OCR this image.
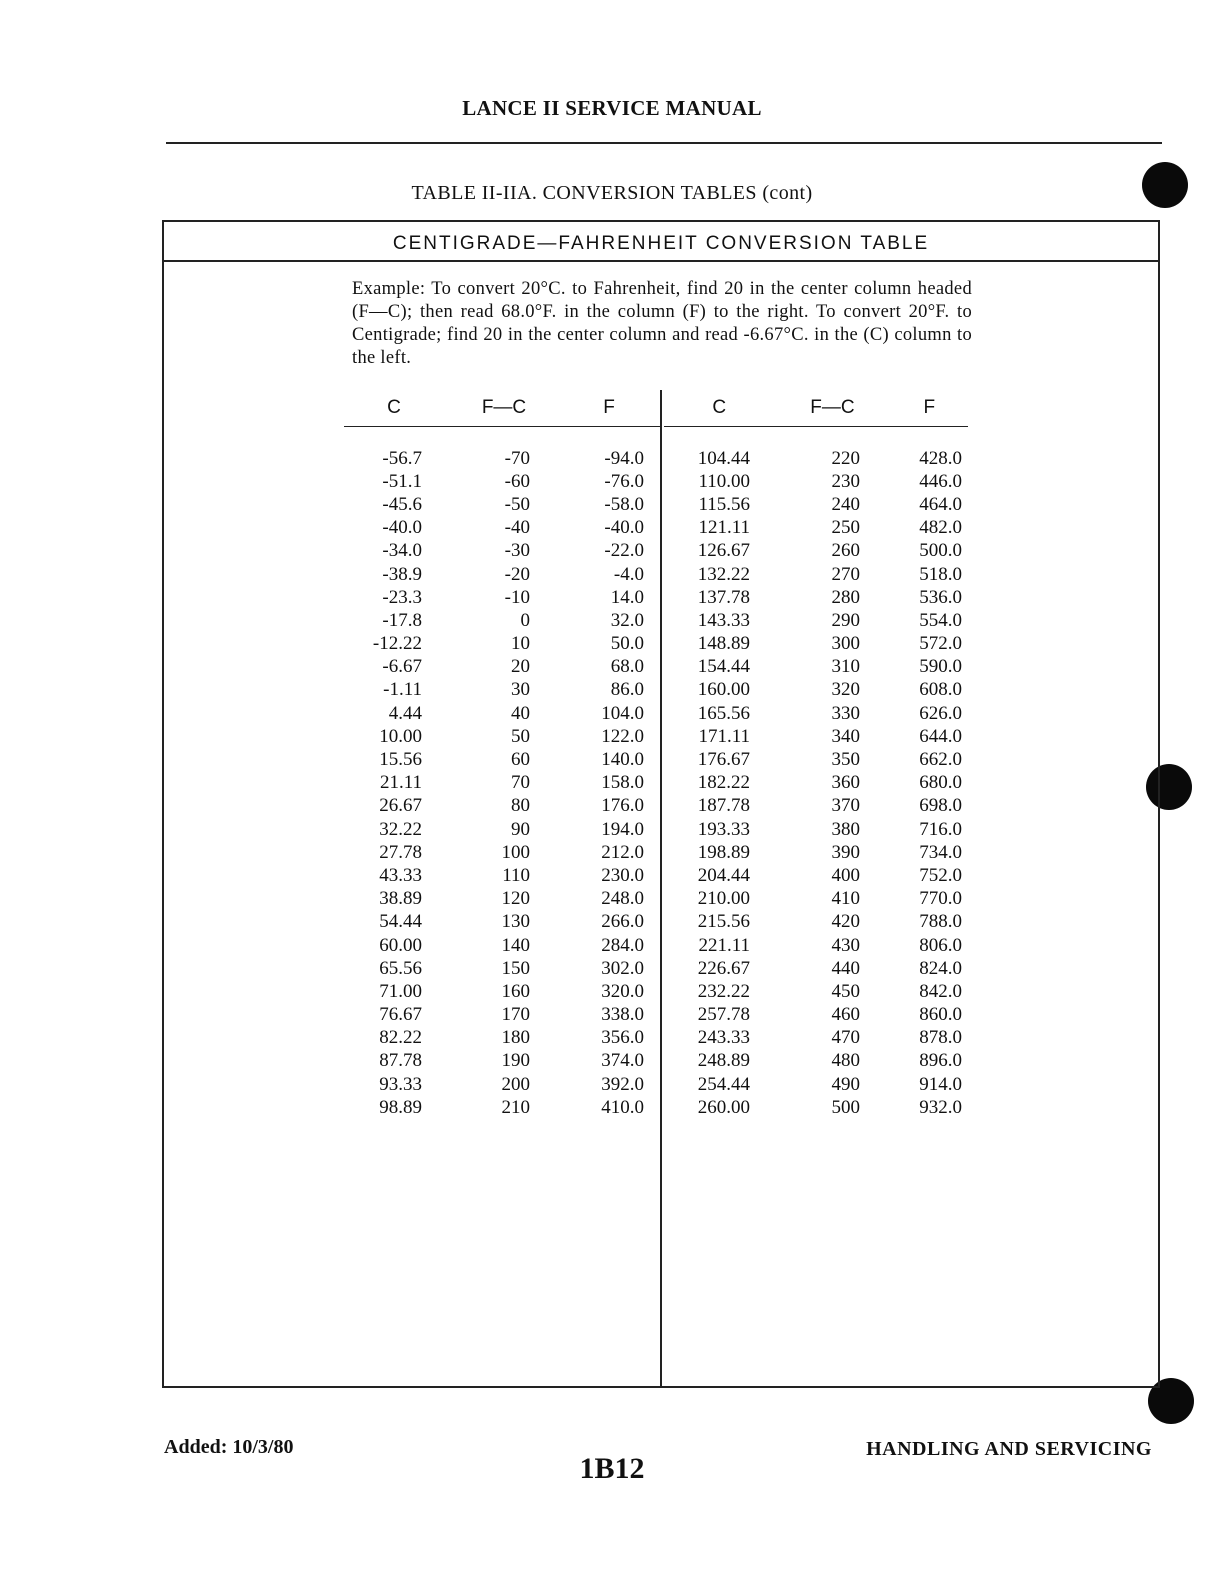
LANCE II SERVICE MANUAL
TABLE II-IIA. CONVERSION TABLES (cont)
CENTIGRADE—FAHRENHEIT CONVERSION TABLE
Example: To convert 20°C. to Fahrenheit, find 20 in the center column headed (F—C); then read 68.0°F. in the column (F) to the right. To convert 20°F. to Centigrade; find 20 in the center column and read -6.67°C. in the (C) column to the left.
C	F—C	F
-56.7	-70	-94.0
-51.1	-60	-76.0
-45.6	-50	-58.0
-40.0	-40	-40.0
-34.0	-30	-22.0
-38.9	-20	-4.0
-23.3	-10	14.0
-17.8	0	32.0
-12.22	10	50.0
-6.67	20	68.0
-1.11	30	86.0
4.44	40	104.0
10.00	50	122.0
15.56	60	140.0
21.11	70	158.0
26.67	80	176.0
32.22	90	194.0
27.78	100	212.0
43.33	110	230.0
38.89	120	248.0
54.44	130	266.0
60.00	140	284.0
65.56	150	302.0
71.00	160	320.0
76.67	170	338.0
82.22	180	356.0
87.78	190	374.0
93.33	200	392.0
98.89	210	410.0
C	F—C	F
104.44	220	428.0
110.00	230	446.0
115.56	240	464.0
121.11	250	482.0
126.67	260	500.0
132.22	270	518.0
137.78	280	536.0
143.33	290	554.0
148.89	300	572.0
154.44	310	590.0
160.00	320	608.0
165.56	330	626.0
171.11	340	644.0
176.67	350	662.0
182.22	360	680.0
187.78	370	698.0
193.33	380	716.0
198.89	390	734.0
204.44	400	752.0
210.00	410	770.0
215.56	420	788.0
221.11	430	806.0
226.67	440	824.0
232.22	450	842.0
257.78	460	860.0
243.33	470	878.0
248.89	480	896.0
254.44	490	914.0
260.00	500	932.0
Added: 10/3/80
1B12
HANDLING AND SERVICING
